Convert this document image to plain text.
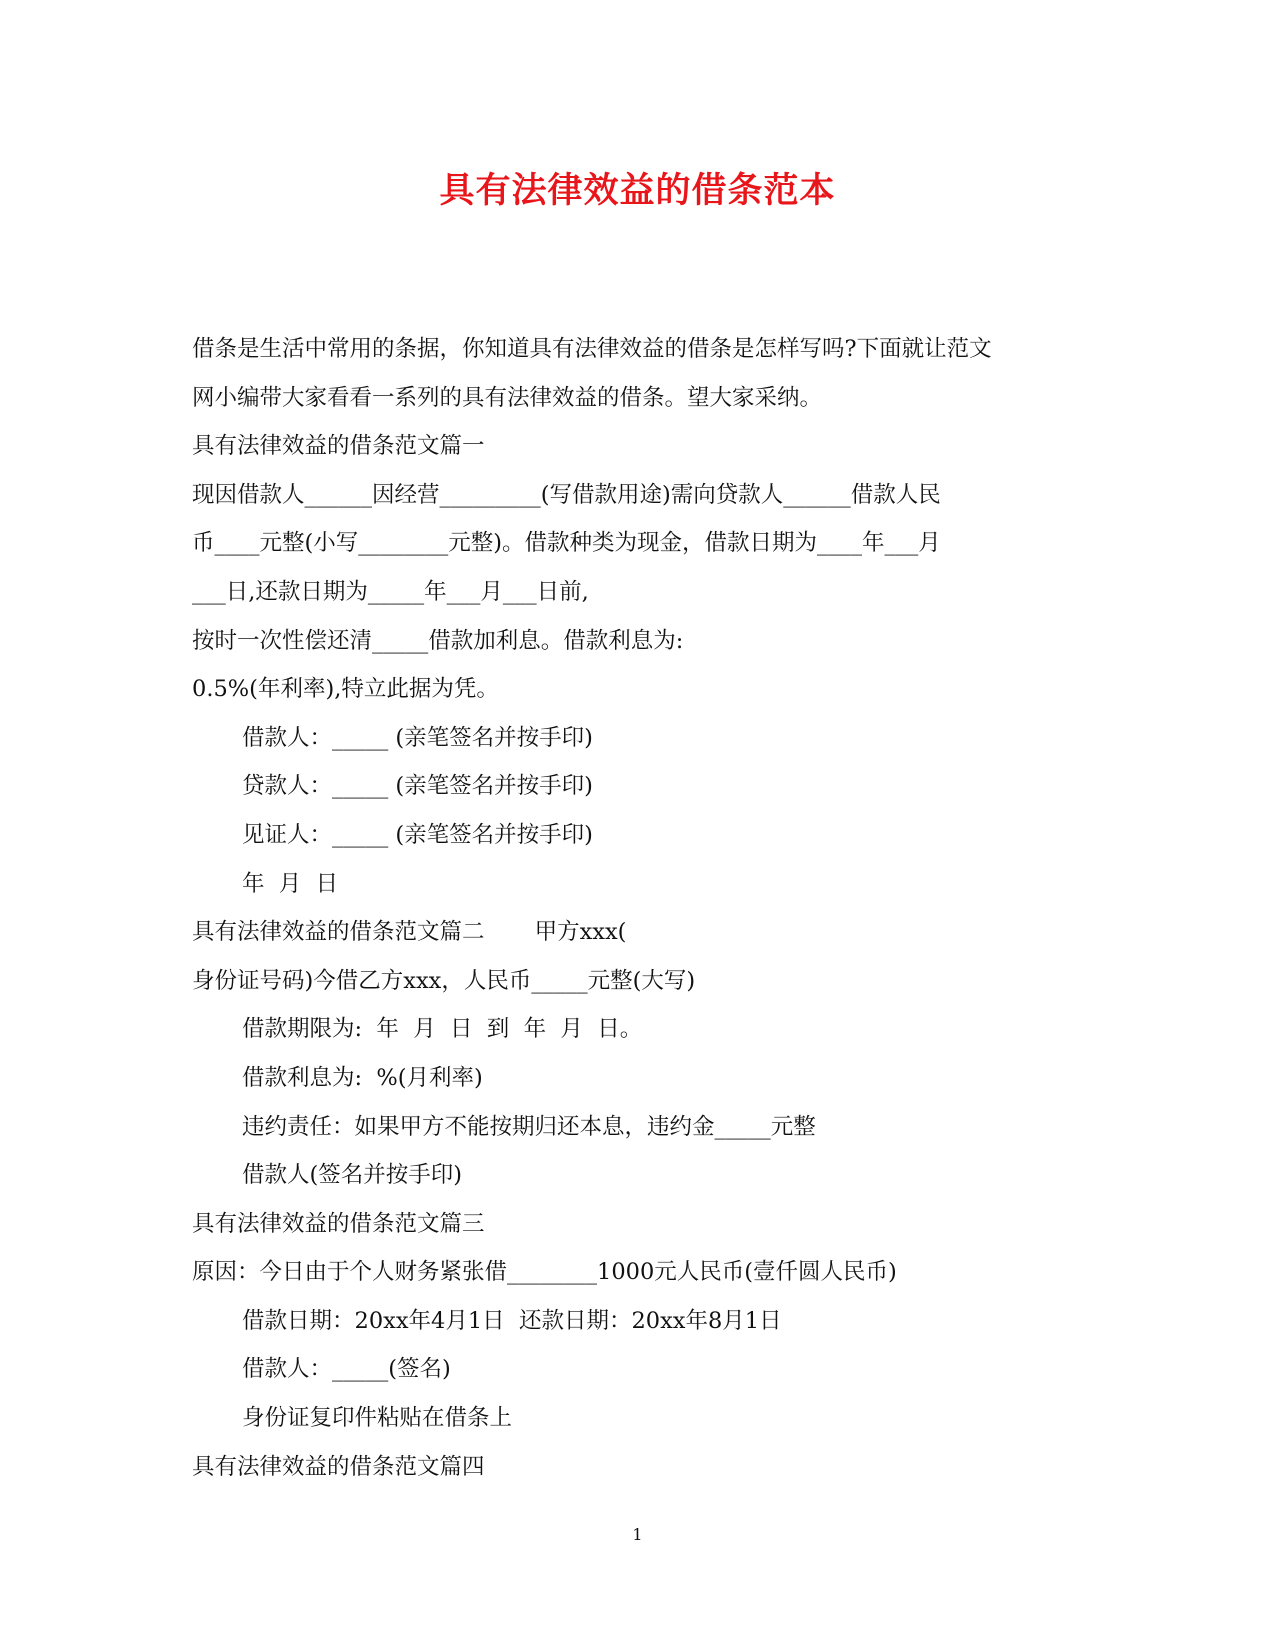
具有法律效益的借条范本
借条是生活中常用的条据，你知道具有法律效益的借条是怎样写吗?下面就让范文
网小编带大家看看一系列的具有法律效益的借条。望大家采纳。
具有法律效益的借条范文篇一
现因借款人______因经营_________(写借款用途)需向贷款人______借款人民
币____元整(小写________元整)。借款种类为现金，借款日期为____年___月
___日,还款日期为_____年___月___日前,
按时一次性偿还清_____借款加利息。借款利息为:
0.5%(年利率),特立此据为凭。
借款人：_____ (亲笔签名并按手印)
贷款人：_____ (亲笔签名并按手印)
见证人：_____ (亲笔签名并按手印)
年  月  日
具有法律效益的借条范文篇二       甲方xxx(
身份证号码)今借乙方xxx，人民币_____元整(大写)
借款期限为:  年  月  日  到  年  月  日。
借款利息为:  %(月利率)
违约责任：如果甲方不能按期归还本息，违约金_____元整
借款人(签名并按手印)
具有法律效益的借条范文篇三
原因：今日由于个人财务紧张借________1000元人民币(壹仟圆人民币)
借款日期：20xx年4月1日  还款日期：20xx年8月1日
借款人：_____(签名)
身份证复印件粘贴在借条上
具有法律效益的借条范文篇四
1
